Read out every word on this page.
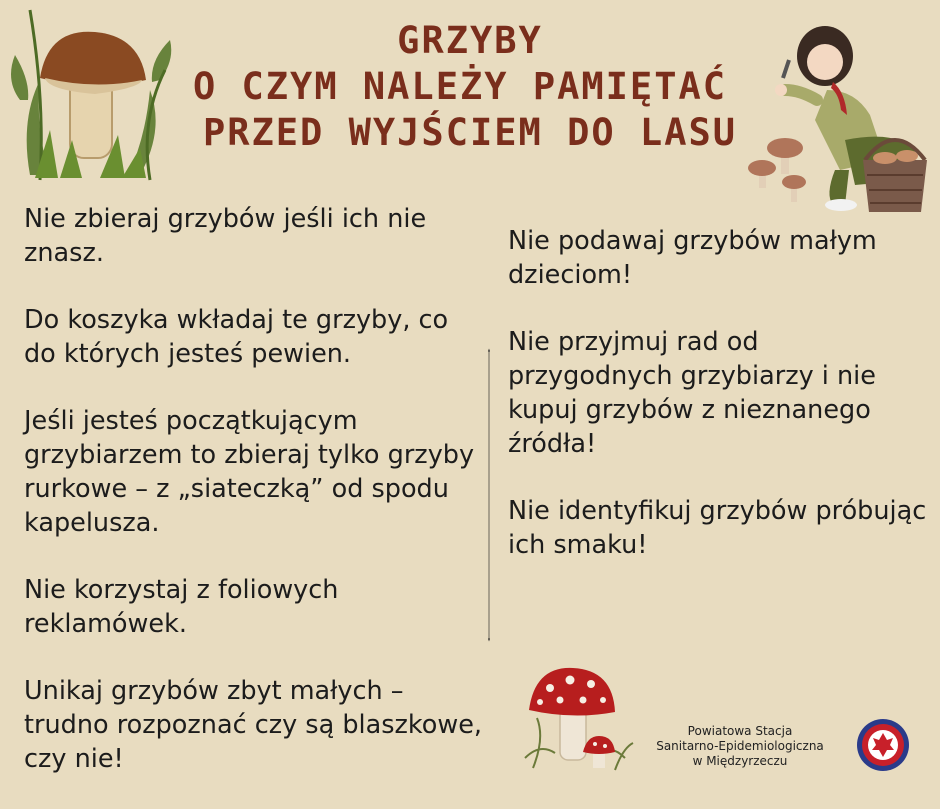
GRZYBY
O CZYM NALEŻY PAMIĘTAĆ
PRZED WYJŚCIEM DO LASU

Nie zbieraj grzybów jeśli ich nie znasz.

Do koszyka wkładaj te grzyby, co do których jesteś pewien.

Jeśli jesteś początkującym grzybiarzem to zbieraj tylko grzyby rurkowe – z „siateczką” od spodu kapelusza.

Nie korzystaj z foliowych reklamówek.

Unikaj grzybów zbyt małych – trudno rozpoznać czy są blaszkowe, czy nie!

Nie podawaj grzybów małym dzieciom!

Nie przyjmuj rad od przygodnych grzybiarzy i nie kupuj grzybów z nieznanego źródła!

Nie identyfikuj grzybów próbując ich smaku!

Powiatowa Stacja
Sanitarno-Epidemiologiczna
w Międzyrzeczu
